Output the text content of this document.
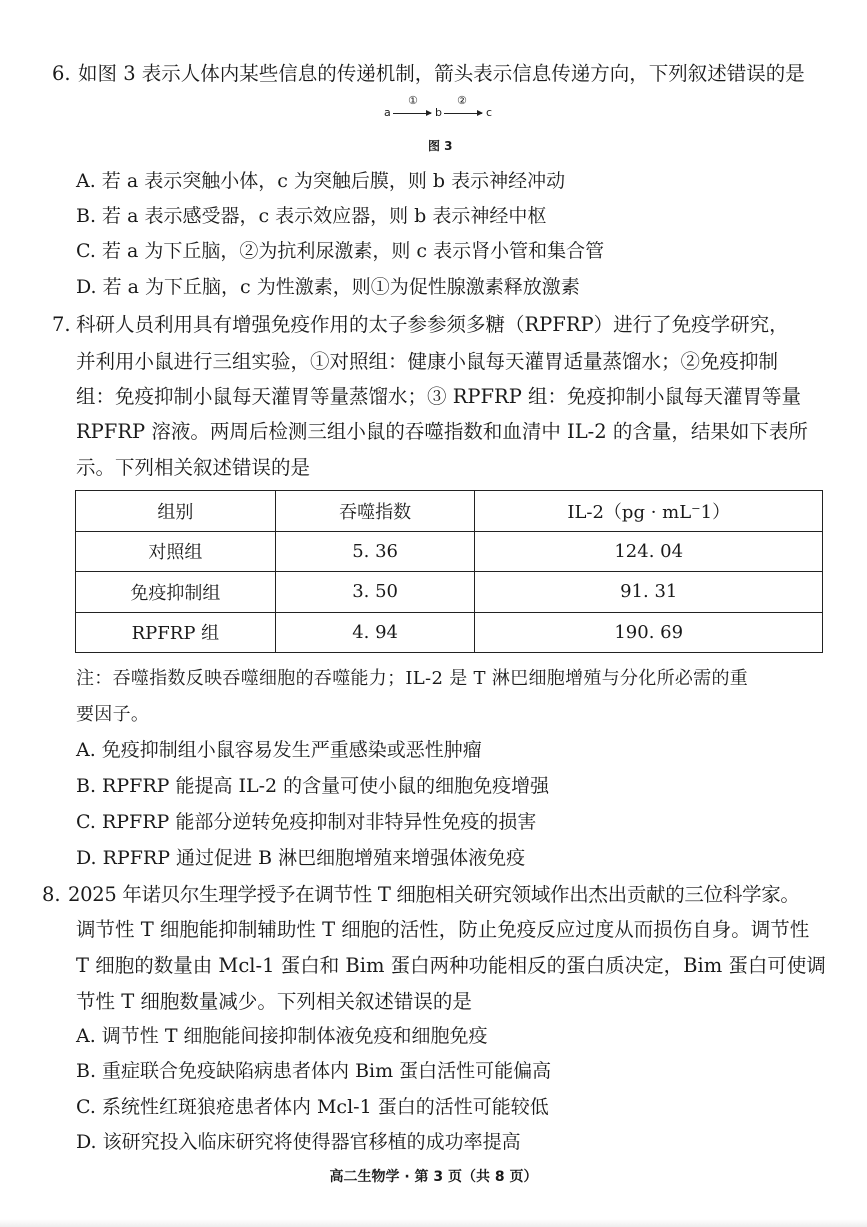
6. 如图 3 表示人体内某些信息的传递机制，箭头表示信息传递方向，下列叙述错误的是
a
①
b
②
c
图 3
A. 若 a 表示突触小体，c 为突触后膜，则 b 表示神经冲动
B. 若 a 表示感受器，c 表示效应器，则 b 表示神经中枢
C. 若 a 为下丘脑，②为抗利尿激素，则 c 表示肾小管和集合管
D. 若 a 为下丘脑，c 为性激素，则①为促性腺激素释放激素
7. 科研人员利用具有增强免疫作用的太子参参须多糖（RPFRP）进行了免疫学研究，
并利用小鼠进行三组实验，①对照组：健康小鼠每天灌胃适量蒸馏水；②免疫抑制
组：免疫抑制小鼠每天灌胃等量蒸馏水；③ RPFRP 组：免疫抑制小鼠每天灌胃等量
RPFRP 溶液。两周后检测三组小鼠的吞噬指数和血清中 IL-2 的含量，结果如下表所
示。下列相关叙述错误的是
组别	吞噬指数	IL-2（pg · mL⁻1）
对照组	5. 36	124. 04
免疫抑制组	3. 50	91. 31
RPFRP 组	4. 94	190. 69
注：吞噬指数反映吞噬细胞的吞噬能力；IL-2 是 T 淋巴细胞增殖与分化所必需的重
要因子。
A. 免疫抑制组小鼠容易发生严重感染或恶性肿瘤
B. RPFRP 能提高 IL-2 的含量可使小鼠的细胞免疫增强
C. RPFRP 能部分逆转免疫抑制对非特异性免疫的损害
D. RPFRP 通过促进 B 淋巴细胞增殖来增强体液免疫
8. 2025 年诺贝尔生理学授予在调节性 T 细胞相关研究领域作出杰出贡献的三位科学家。
调节性 T 细胞能抑制辅助性 T 细胞的活性，防止免疫反应过度从而损伤自身。调节性
T 细胞的数量由 Mcl-1 蛋白和 Bim 蛋白两种功能相反的蛋白质决定，Bim 蛋白可使调
节性 T 细胞数量减少。下列相关叙述错误的是
A. 调节性 T 细胞能间接抑制体液免疫和细胞免疫
B. 重症联合免疫缺陷病患者体内 Bim 蛋白活性可能偏高
C. 系统性红斑狼疮患者体内 Mcl-1 蛋白的活性可能较低
D. 该研究投入临床研究将使得器官移植的成功率提高
高二生物学 · 第 3 页（共 8 页）
